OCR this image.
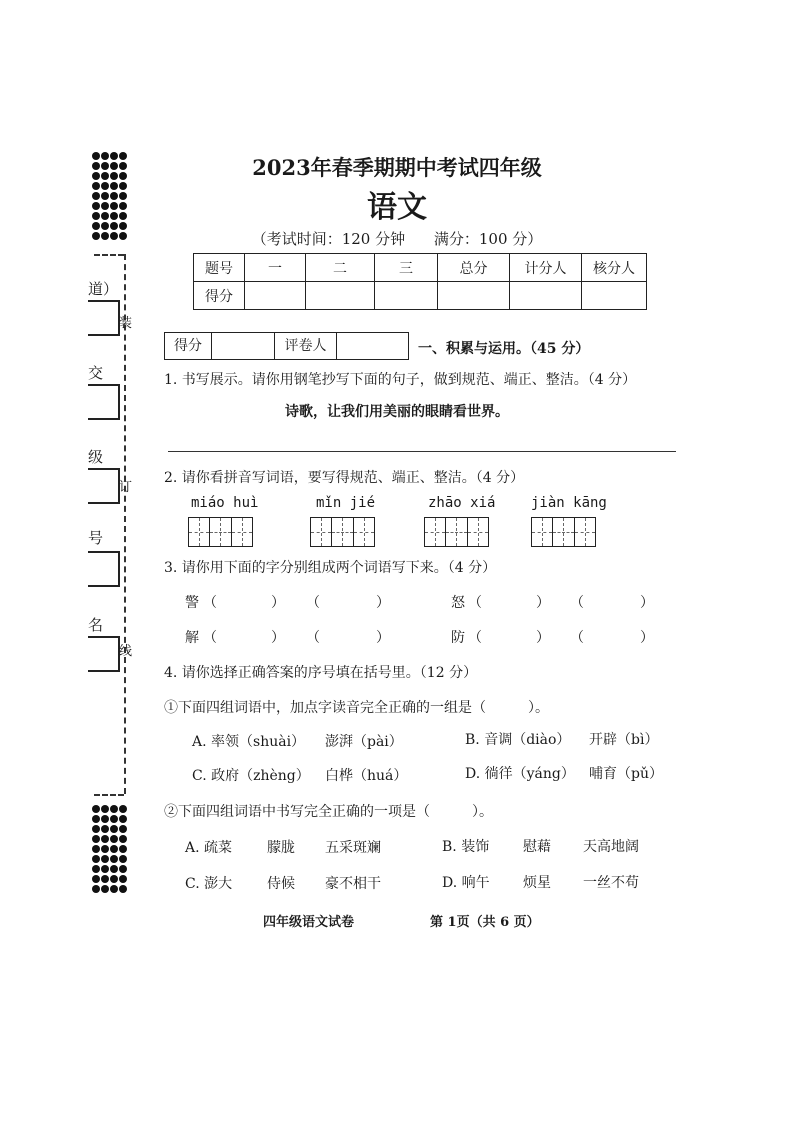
道）
交
级
号
名
装
订
线
2023年春季期期中考试四年级
语文
（考试时间：120 分钟 满分：100 分）
题号	一	二	三	总分	计分人	核分人
得分						
得分	评卷人	一、积累与运用。（45 分）
1. 书写展示。请你用钢笔抄写下面的句子，做到规范、端正、整洁。（4 分）
诗歌，让我们用美丽的眼睛看世界。
2. 请你看拼音写词语，要写得规范、端正、整洁。（4 分）
miáo huì	mǐn jié	zhāo xiá	jiàn kāng
3. 请你用下面的字分别组成两个词语写下来。（4 分）
警 （	） （	）	怒 （	） （	）
解 （	） （	）	防 （	） （	）
4. 请你选择正确答案的序号填在括号里。（12 分）
①下面四组词语中，加点字读音完全正确的一组是（　　　）。
A. 率领（shuài） 澎湃（pài）	B. 音调（diào） 开辟（bì）
C. 政府（zhèng） 白桦（huá）	D. 徜徉（yáng） 哺育（pǔ）
②下面四组词语中书写完全正确的一项是（　　　）。
A. 疏菜 朦胧 五采斑斓	B. 装饰 慰藉 天高地阔
C. 澎大 侍候 豪不相干	D. 响午 烦星 一丝不苟
四年级语文试卷	第 1页（共 6 页）
